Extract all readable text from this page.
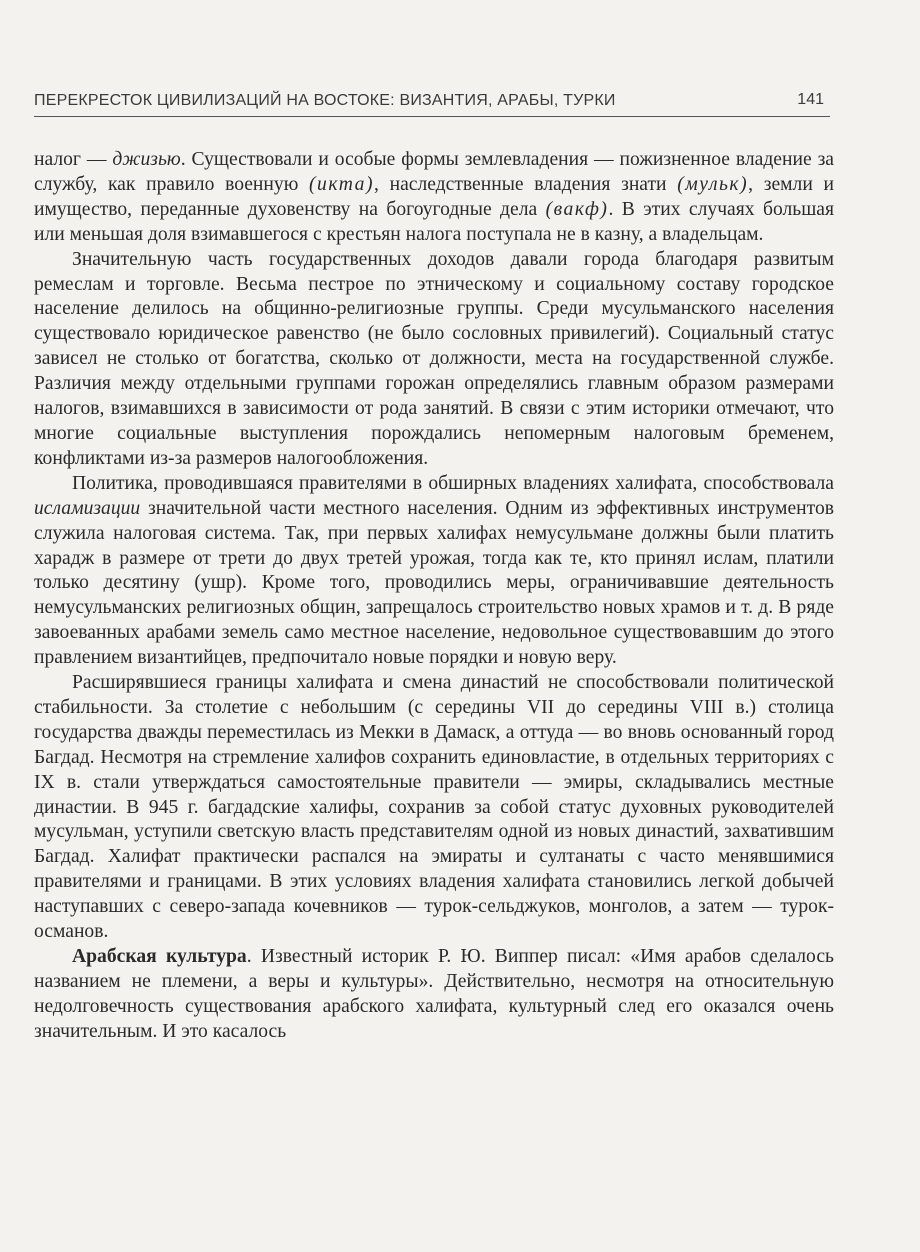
ПЕРЕКРЕСТОК ЦИВИЛИЗАЦИЙ НА ВОСТОКЕ: ВИЗАНТИЯ, АРАБЫ, ТУРКИ	141

налог — джизью. Существовали и особые формы землевладения — пожизненное владение за службу, как правило военную (икта), наследственные владения знати (мульк), земли и имущество, переданные духовенству на богоугодные дела (вакф). В этих случаях большая или меньшая доля взимавшегося с крестьян налога поступала не в казну, а владельцам.

Значительную часть государственных доходов давали города благодаря развитым ремеслам и торговле. Весьма пестрое по этническому и социальному составу городское население делилось на общинно-религиозные группы. Среди мусульманского населения существовало юридическое равенство (не было сословных привилегий). Социальный статус зависел не столько от богатства, сколько от должности, места на государственной службе. Различия между отдельными группами горожан определялись главным образом размерами налогов, взимавшихся в зависимости от рода занятий. В связи с этим историки отмечают, что многие социальные выступления порождались непомерным налоговым бременем, конфликтами из-за размеров налогообложения.

Политика, проводившаяся правителями в обширных владениях халифата, способствовала исламизации значительной части местного населения. Одним из эффективных инструментов служила налоговая система. Так, при первых халифах немусульмане должны были платить харадж в размере от трети до двух третей урожая, тогда как те, кто принял ислам, платили только десятину (ушр). Кроме того, проводились меры, ограничивавшие деятельность немусульманских религиозных общин, запрещалось строительство новых храмов и т. д. В ряде завоеванных арабами земель само местное население, недовольное существовавшим до этого правлением византийцев, предпочитало новые порядки и новую веру.

Расширявшиеся границы халифата и смена династий не способствовали политической стабильности. За столетие с небольшим (с середины VII до середины VIII в.) столица государства дважды переместилась из Мекки в Дамаск, а оттуда — во вновь основанный город Багдад. Несмотря на стремление халифов сохранить единовластие, в отдельных территориях с IX в. стали утверждаться самостоятельные правители — эмиры, складывались местные династии. В 945 г. багдадские халифы, сохранив за собой статус духовных руководителей мусульман, уступили светскую власть представителям одной из новых династий, захватившим Багдад. Халифат практически распался на эмираты и султанаты с часто менявшимися правителями и границами. В этих условиях владения халифата становились легкой добычей наступавших с северо-запада кочевников — турок-сельджуков, монголов, а затем — турок-османов.

Арабская культура. Известный историк Р. Ю. Виппер писал: «Имя арабов сделалось названием не племени, а веры и культуры». Действительно, несмотря на относительную недолговечность существования арабского халифата, культурный след его оказался очень значительным. И это касалось
